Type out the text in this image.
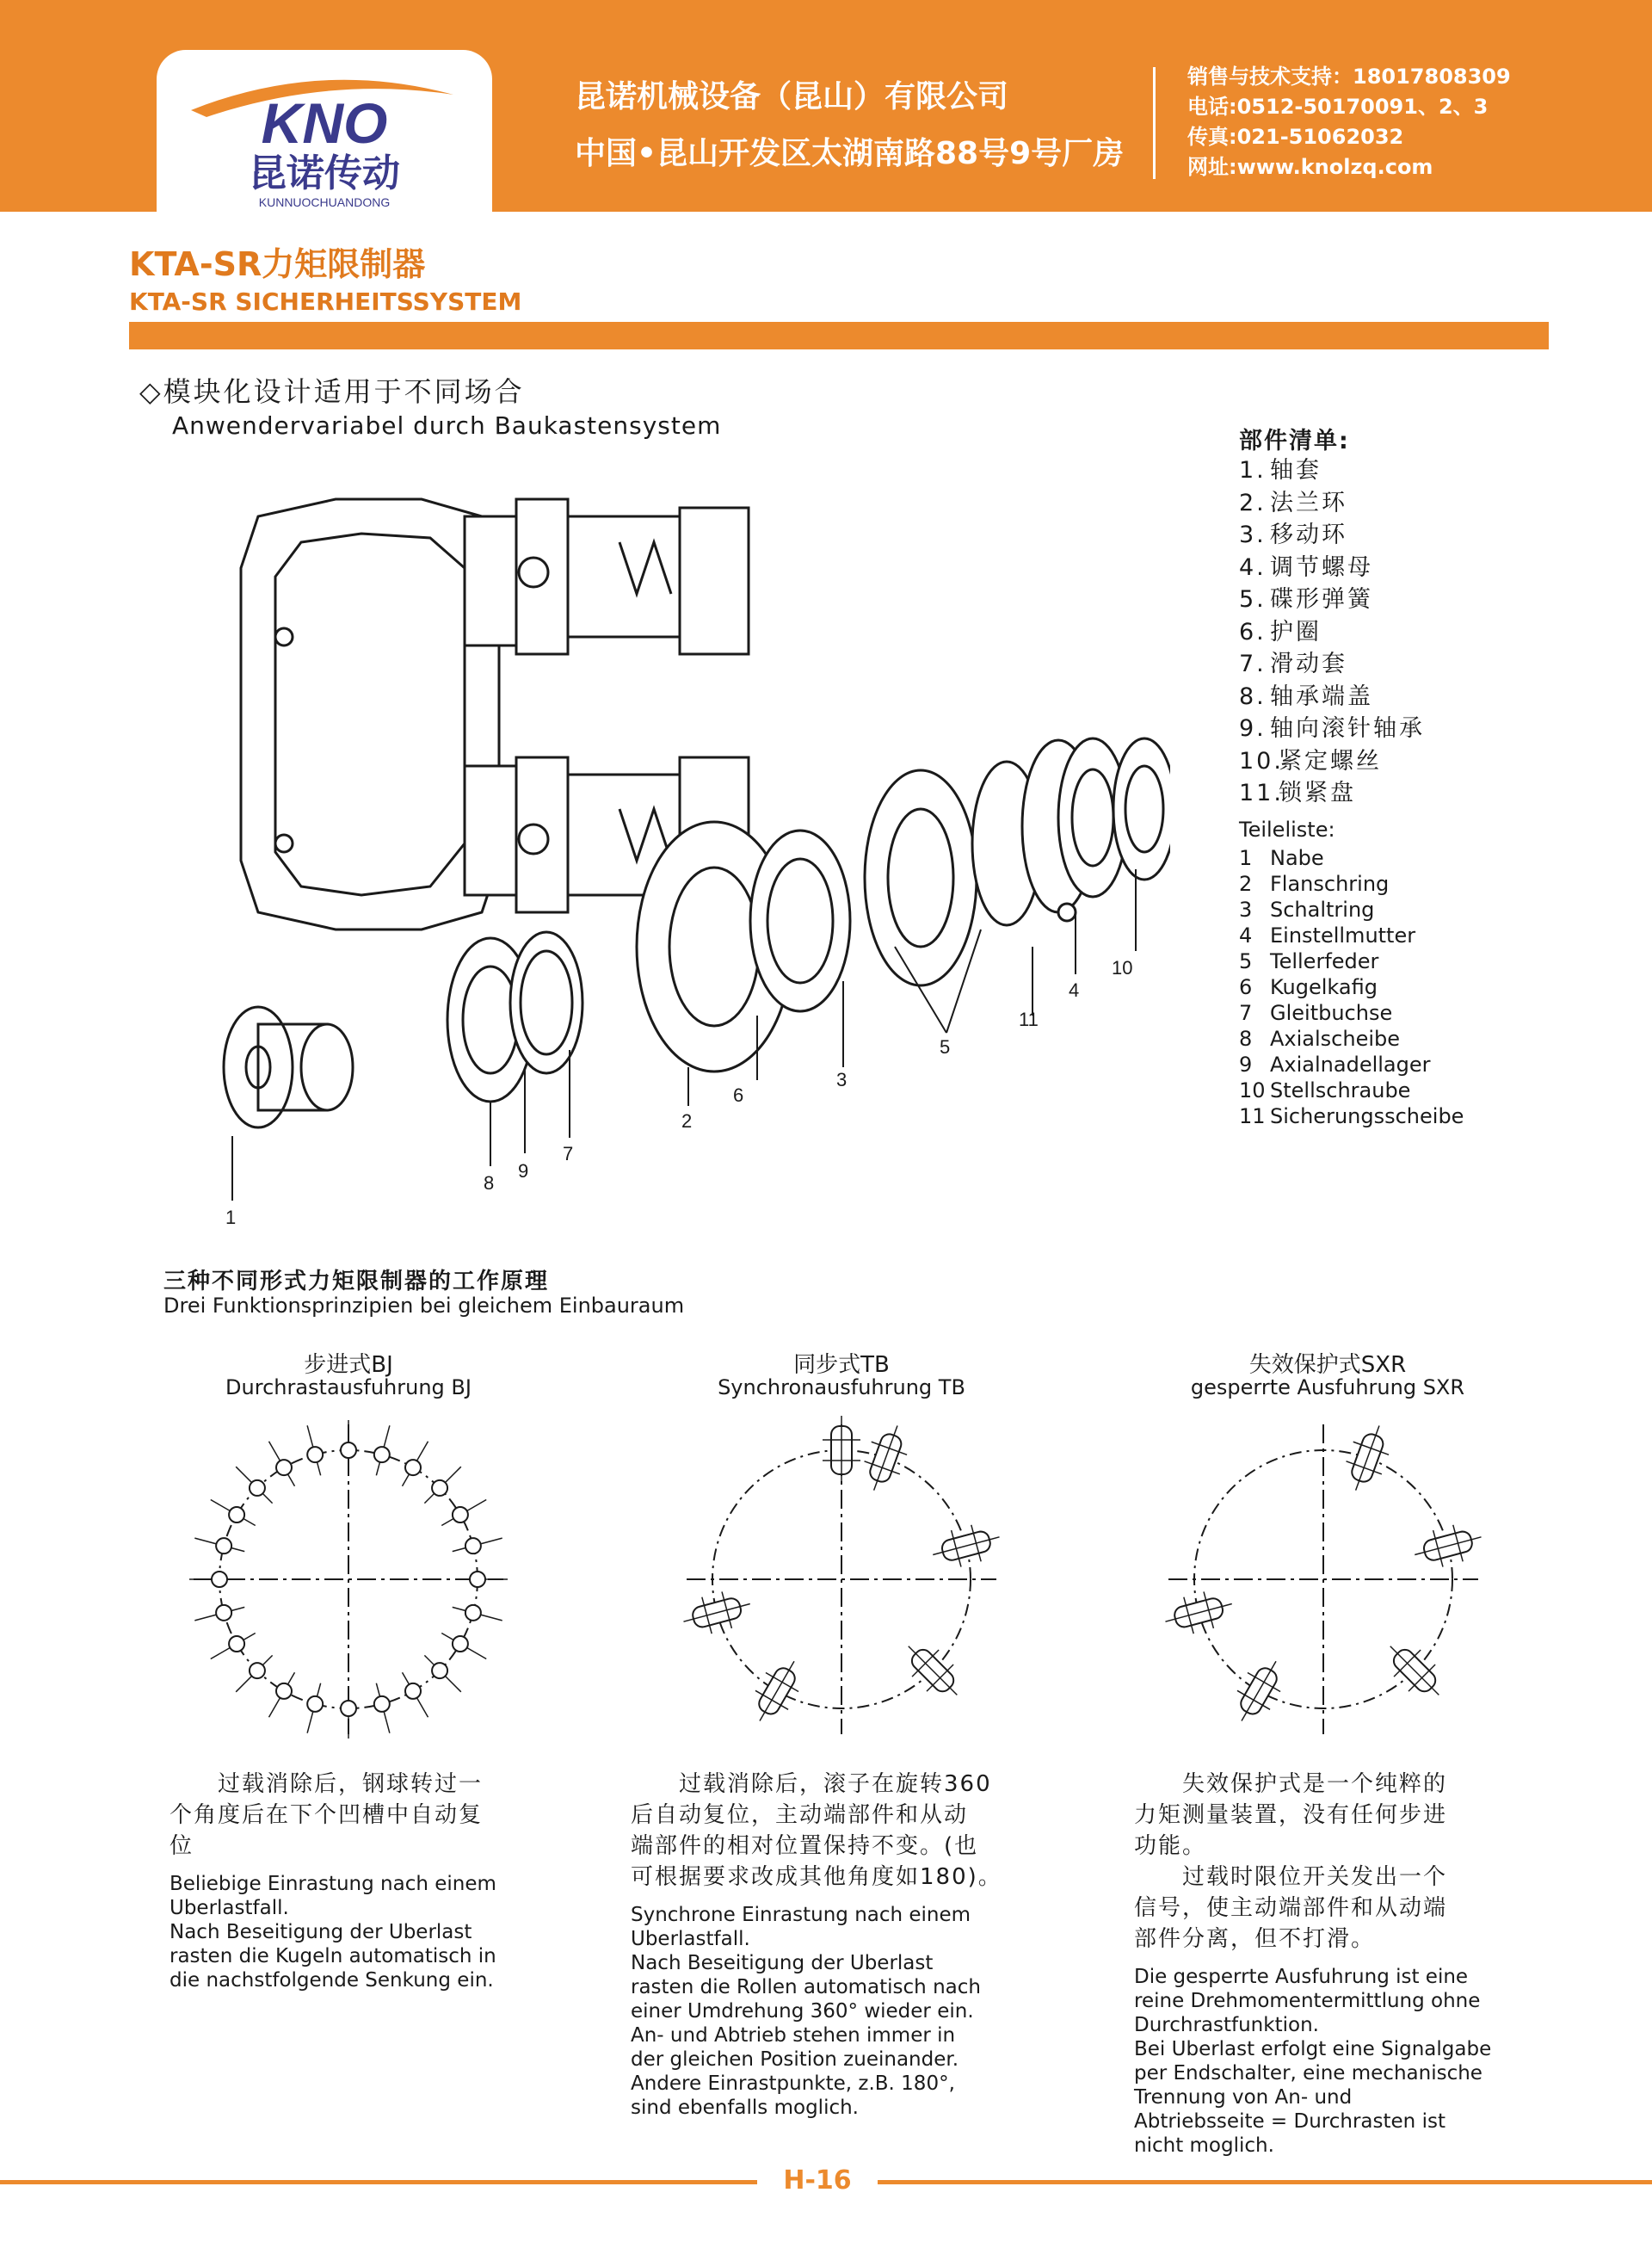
KNO
昆诺传动
KUNNUOCHUANDONG
昆诺机械设备（昆山）有限公司
中国•昆山开发区太湖南路88号9号厂房
销售与技术支持：18017808309
电话:0512-50170091、2、3
传真:021-51062032
网址:www.knolzq.com
KTA-SR力矩限制器
KTA-SR SICHERHEITSSYSTEM
◇模块化设计适用于不同场合
Anwendervariabel durch Baukastensystem
1
8
9
7
2
6
3
5
11
4
10
部件清单:
1. 轴套
2. 法兰环
3. 移动环
4. 调节螺母
5. 碟形弹簧
6. 护圈
7. 滑动套
8. 轴承端盖
9. 轴向滚针轴承
10.紧定螺丝
11.锁紧盘
Teileliste:
1 Nabe
2 Flanschring
3 Schaltring
4 Einstellmutter
5 Tellerfeder
6 Kugelkafig
7 Gleitbuchse
8 Axialscheibe
9 Axialnadellager
10 Stellschraube
11 Sicherungsscheibe
三种不同形式力矩限制器的工作原理
Drei Funktionsprinzipien bei gleichem Einbauraum
步进式BJ
Durchrastausfuhrung BJ
同步式TB
Synchronausfuhrung TB
失效保护式SXR
gesperrte Ausfuhrung SXR
　　过载消除后，钢球转过一
个角度后在下个凹槽中自动复
位
Beliebige Einrastung nach einem
Uberlastfall.
Nach Beseitigung der Uberlast
rasten die Kugeln automatisch in
die nachstfolgende Senkung ein.
　　过载消除后，滚子在旋转360
后自动复位，主动端部件和从动
端部件的相对位置保持不变。(也
可根据要求改成其他角度如180)。
Synchrone Einrastung nach einem
Uberlastfall.
Nach Beseitigung der Uberlast
rasten die Rollen automatisch nach
einer Umdrehung 360° wieder ein.
An- und Abtrieb stehen immer in
der gleichen Position zueinander.
Andere Einrastpunkte, z.B. 180°,
sind ebenfalls moglich.
　　失效保护式是一个纯粹的
力矩测量装置，没有任何步进
功能。
　　过载时限位开关发出一个
信号，使主动端部件和从动端
部件分离，但不打滑。
Die gesperrte Ausfuhrung ist eine
reine Drehmomentermittlung ohne
Durchrastfunktion.
Bei Uberlast erfolgt eine Signalgabe
per Endschalter, eine mechanische
Trennung von An- und
Abtriebsseite = Durchrasten ist
nicht moglich.
H-16
